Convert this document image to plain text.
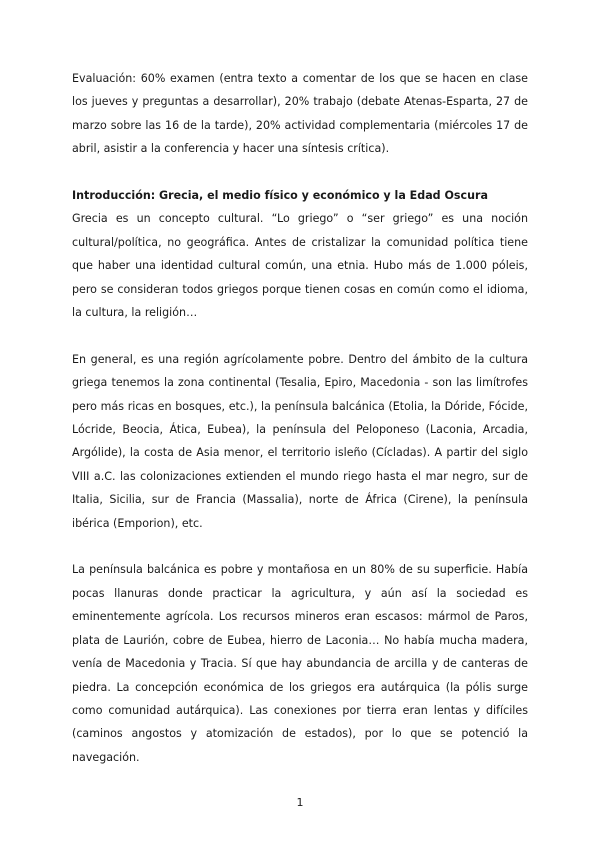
Evaluación: 60% examen (entra texto a comentar de los que se hacen en clase los jueves y preguntas a desarrollar), 20% trabajo (debate Atenas-Esparta, 27 de marzo sobre las 16 de la tarde), 20% actividad complementaria (miércoles 17 de abril, asistir a la conferencia y hacer una síntesis crítica).

Introducción: Grecia, el medio físico y económico y la Edad Oscura

Grecia es un concepto cultural. “Lo griego” o “ser griego” es una noción cultural/política, no geográfica. Antes de cristalizar la comunidad política tiene que haber una identidad cultural común, una etnia. Hubo más de 1.000 póleis, pero se consideran todos griegos porque tienen cosas en común como el idioma, la cultura, la religión…

En general, es una región agrícolamente pobre. Dentro del ámbito de la cultura griega tenemos la zona continental (Tesalia, Epiro, Macedonia - son las limítrofes pero más ricas en bosques, etc.), la península balcánica (Etolia, la Dóride, Fócide, Lócride, Beocia, Ática, Eubea), la península del Peloponeso (Laconia, Arcadia, Argólide), la costa de Asia menor, el territorio isleño (Cícladas). A partir del siglo VIII a.C. las colonizaciones extienden el mundo riego hasta el mar negro, sur de Italia, Sicilia, sur de Francia (Massalia), norte de África (Cirene), la península ibérica (Emporion), etc.

La península balcánica es pobre y montañosa en un 80% de su superficie. Había pocas llanuras donde practicar la agricultura, y aún así la sociedad es eminentemente agrícola. Los recursos mineros eran escasos: mármol de Paros, plata de Laurión, cobre de Eubea, hierro de Laconia… No había mucha madera, venía de Macedonia y Tracia. Sí que hay abundancia de arcilla y de canteras de piedra. La concepción económica de los griegos era autárquica (la pólis surge como comunidad autárquica). Las conexiones por tierra eran lentas y difíciles (caminos angostos y atomización de estados), por lo que se potenció la navegación.

1
